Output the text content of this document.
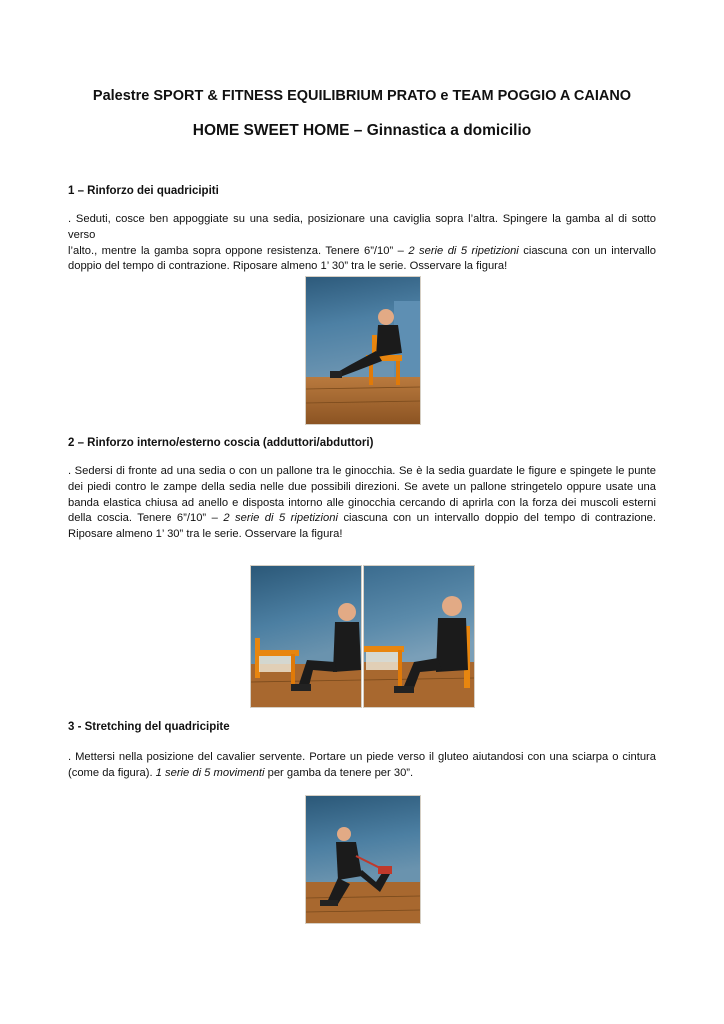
Palestre SPORT & FITNESS EQUILIBRIUM PRATO e TEAM POGGIO A CAIANO
HOME SWEET HOME – Ginnastica a domicilio
1 – Rinforzo dei quadricipiti
. Seduti, cosce ben appoggiate su una sedia, posizionare una caviglia sopra l’altra. Spingere la gamba al di sotto verso
l’alto., mentre la gamba sopra oppone resistenza. Tenere 6”/10” – 2 serie di 5 ripetizioni ciascuna con un intervallo
doppio del tempo di contrazione. Riposare almeno 1’ 30” tra le serie. Osservare la figura!
2 – Rinforzo interno/esterno coscia (adduttori/abduttori)
. Sedersi di fronte ad una sedia o con un pallone tra le ginocchia. Se è la sedia guardate le figure e spingete le punte
dei piedi contro le zampe della sedia nelle due possibili direzioni. Se avete un pallone stringetelo oppure usate una
banda elastica chiusa ad anello e disposta intorno alle ginocchia cercando di aprirla con la forza dei muscoli esterni
della coscia. Tenere 6”/10” – 2 serie di 5 ripetizioni ciascuna con un intervallo doppio del tempo di contrazione.
Riposare almeno 1’ 30” tra le serie. Osservare la figura!
3 - Stretching del quadricipite
. Mettersi nella posizione del cavalier servente. Portare un piede verso il gluteo aiutandosi con una sciarpa o cintura
(come da figura). 1 serie di 5 movimenti per gamba da tenere per 30”.
